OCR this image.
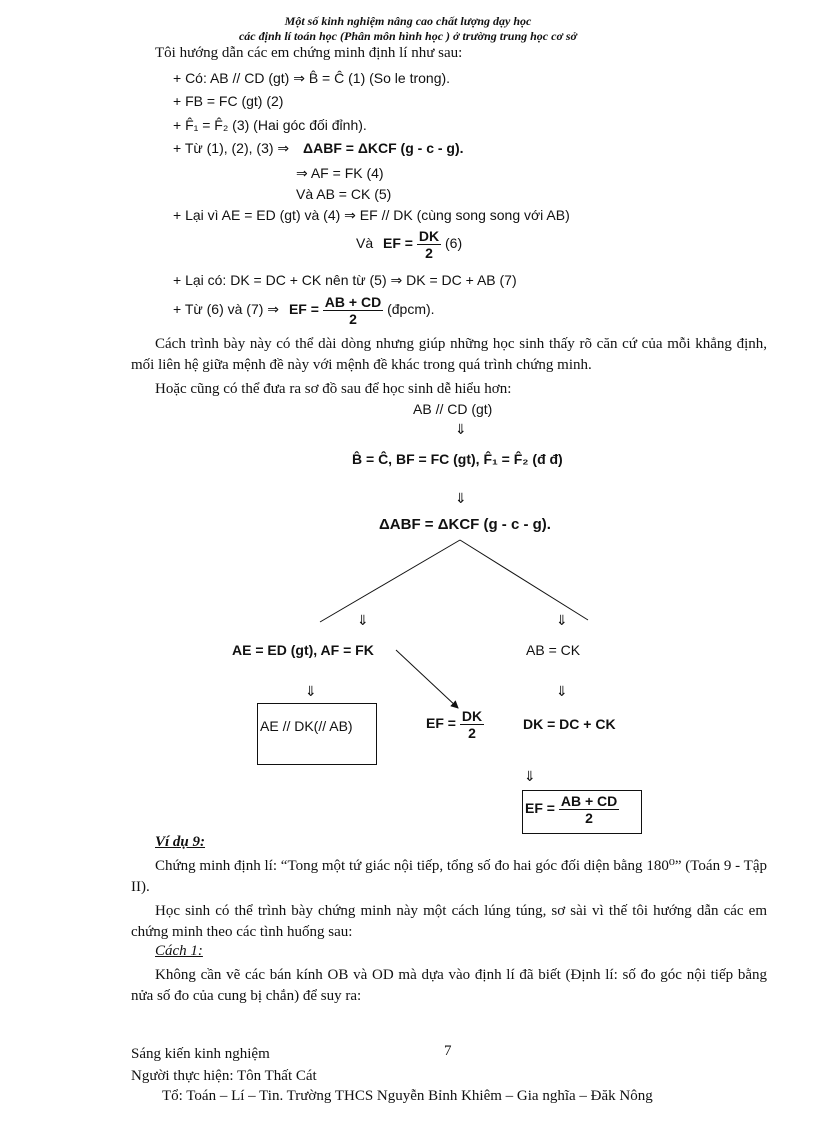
Một số kinh nghiệm nâng cao chất lượng dạy học
các định lí toán học (Phân môn hình học ) ở trường trung học cơ sở
Tôi hướng dẫn các em chứng minh định lí như sau:
+ Có: AB // CD (gt) ⇒ B̂ = Ĉ (1) (So le trong).
+ FB = FC (gt) (2)
+ F̂₁ = F̂₂ (3) (Hai góc đối đỉnh).
+ Từ (1), (2), (3) ⇒ ΔABF = ΔKCF (g - c - g).
⇒ AF = FK (4)
Và AB = CK (5)
+ Lại vì AE = ED (gt) và (4) ⇒ EF // DK (cùng song song với AB)
Và EF = $\frac{DK}{2} (6)$
+ Lại có: DK = DC + CK nên từ (5) ⇒ DK = DC + AB (7)
+ Từ (6) và (7) ⇒ EF = $\frac{AB + CD}{2}$ (đpcm).
Cách trình bày này có thể dài dòng nhưng giúp những học sinh thấy rõ căn cứ của mỗi khẳng định, mối liên hệ giữa mệnh đề này với mệnh đề khác trong quá trình chứng minh.
Hoặc cũng có thể đưa ra sơ đồ sau để học sinh dễ hiểu hơn:
AB // CD (gt)
⇓
B̂ = Ĉ, BF = FC (gt), F̂₁ = F̂₂ (đ đ)
⇓
ΔABF = ΔKCF (g - c - g).
⇓	⇓
AE = ED (gt), AF = FK	AB = CK
⇓	⇓
AE // DK(// AB)	EF = $\frac{DK}{2}$	DK = DC + CK
⇓
EF = $\frac{AB + CD}{2}$
Ví dụ 9:
Chứng minh định lí: “Tong một tứ giác nội tiếp, tổng số đo hai góc đối diện bằng 180⁰” (Toán 9 - Tập II).
Học sinh có thể trình bày chứng minh này một cách lúng túng, sơ sài vì thế tôi hướng dẫn các em chứng minh theo các tình huống sau:
Cách 1:
Không cần vẽ các bán kính OB và OD mà dựa vào định lí đã biết (Định lí: số đo góc nội tiếp bằng nửa số đo của cung bị chắn) để suy ra:
Sáng kiến kinh nghiệm	7
Người thực hiện: Tôn Thất Cát
Tổ: Toán – Lí – Tin. Trường THCS Nguyễn Bỉnh Khiêm – Gia nghĩa – Đăk Nông
